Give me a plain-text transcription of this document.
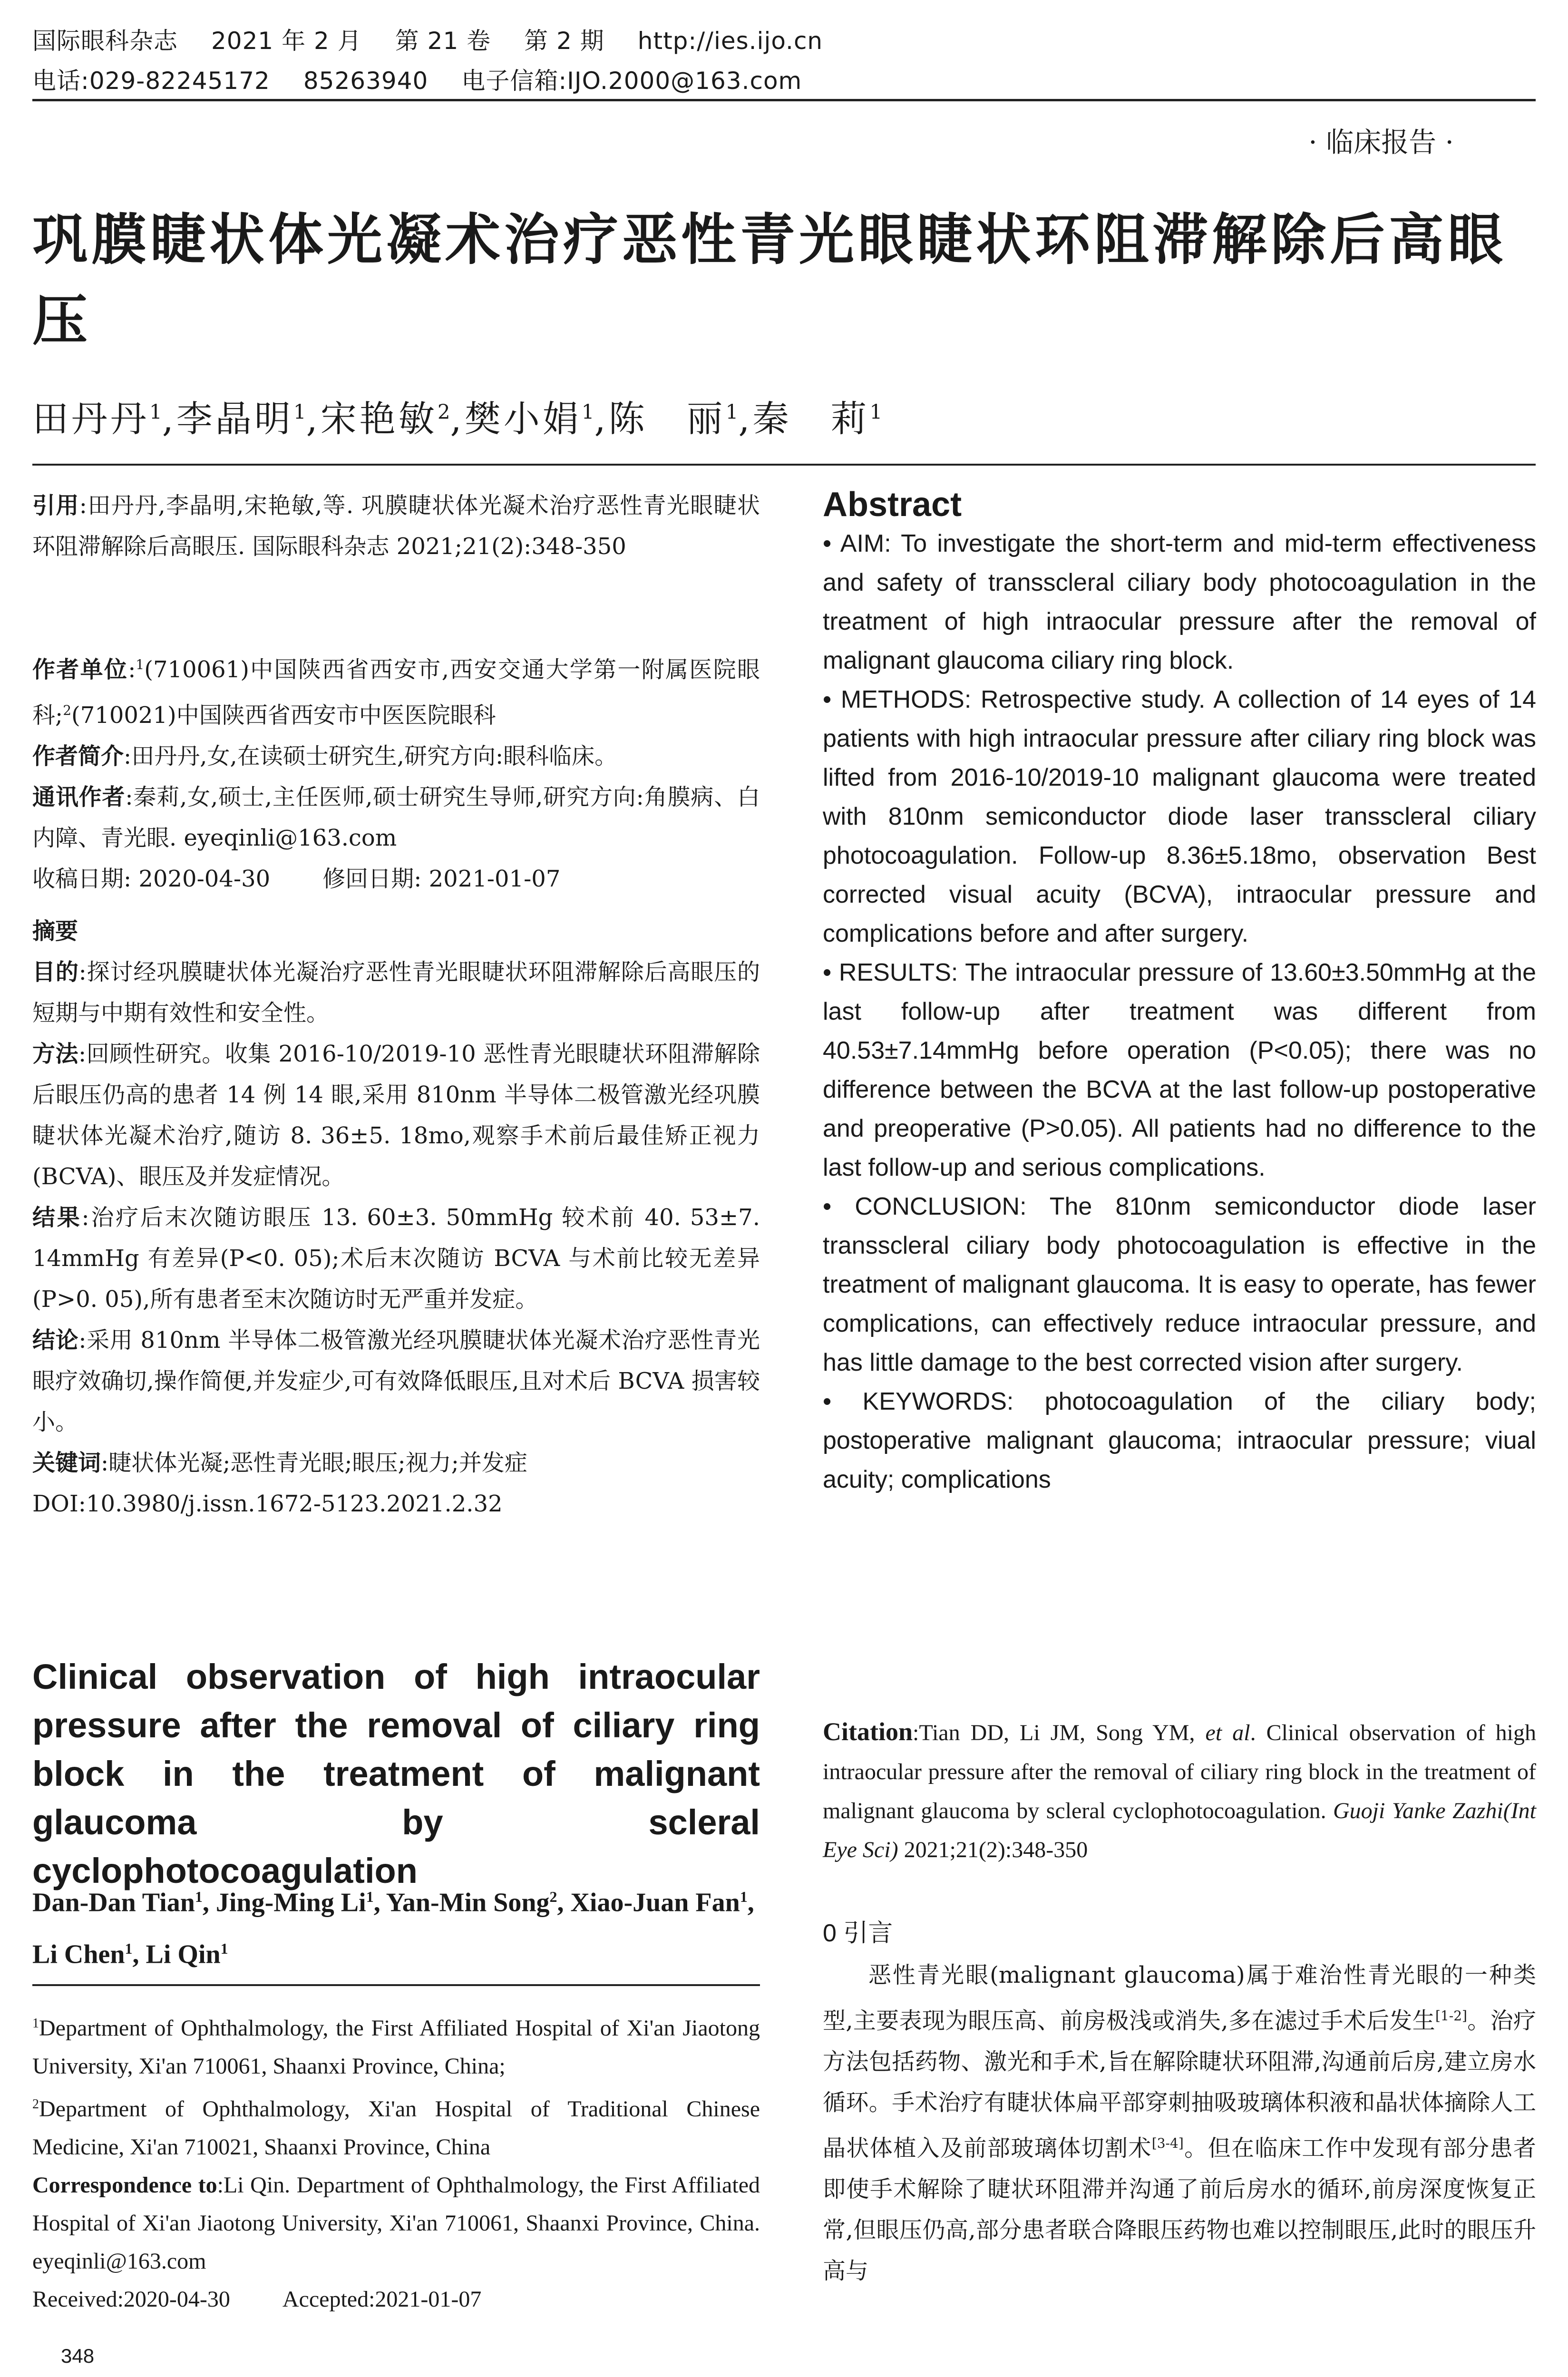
国际眼科杂志 2021 年 2 月 第 21 卷 第 2 期 http://ies.ijo.cn
电话:029-82245172 85263940 电子信箱:IJO.2000@163.com
· 临床报告 ·
巩膜睫状体光凝术治疗恶性青光眼睫状环阻滞解除后高眼压
田丹丹$^1$,李晶明$^1$,宋艳敏$^2$,樊小娟$^1$,陈　丽$^1$,秦　莉$^1$

引用:田丹丹,李晶明,宋艳敏,等. 巩膜睫状体光凝术治疗恶性青光眼睫状环阻滞解除后高眼压. 国际眼科杂志 2021;21(2):348-350

作者单位:$^1$(710061)中国陕西省西安市,西安交通大学第一附属医院眼科;$^2$(710021)中国陕西省西安市中医医院眼科

作者简介:田丹丹,女,在读硕士研究生,研究方向:眼科临床。

通讯作者:秦莉,女,硕士,主任医师,硕士研究生导师,研究方向:角膜病、白内障、青光眼. eyeqinli@163.com

收稿日期: 2020-04-30 修回日期: 2021-01-07

摘要

目的:探讨经巩膜睫状体光凝治疗恶性青光眼睫状环阻滞解除后高眼压的短期与中期有效性和安全性。

方法:回顾性研究。收集 2016-10/2019-10 恶性青光眼睫状环阻滞解除后眼压仍高的患者 14 例 14 眼,采用 810nm 半导体二极管激光经巩膜睫状体光凝术治疗,随访 8. 36±5. 18mo,观察手术前后最佳矫正视力(BCVA)、眼压及并发症情况。

结果:治疗后末次随访眼压 13. 60±3. 50mmHg 较术前 40. 53±7. 14mmHg 有差异(P<0. 05);术后末次随访 BCVA 与术前比较无差异(P>0. 05),所有患者至末次随访时无严重并发症。

结论:采用 810nm 半导体二极管激光经巩膜睫状体光凝术治疗恶性青光眼疗效确切,操作简便,并发症少,可有效降低眼压,且对术后 BCVA 损害较小。

关键词:睫状体光凝;恶性青光眼;眼压;视力;并发症

DOI:10.3980/j.issn.1672-5123.2021.2.32

Clinical observation of high intraocular pressure after the removal of ciliary ring block in the treatment of malignant glaucoma by scleral cyclophotocoagulation
Dan-Dan Tian$^1$, Jing-Ming Li$^1$, Yan-Min Song$^2$, Xiao-Juan Fan$^1$, Li Chen$^1$, Li Qin$^1$

$^1$Department of Ophthalmology, the First Affiliated Hospital of Xi'an Jiaotong University, Xi'an 710061, Shaanxi Province, China;

$^2$Department of Ophthalmology, Xi'an Hospital of Traditional Chinese Medicine, Xi'an 710021, Shaanxi Province, China

Correspondence to:Li Qin. Department of Ophthalmology, the First Affiliated Hospital of Xi'an Jiaotong University, Xi'an 710061, Shaanxi Province, China. eyeqinli@163.com

Received:2020-04-30 Accepted:2021-01-07

Abstract

• AIM: To investigate the short-term and mid-term effectiveness and safety of transscleral ciliary body photocoagulation in the treatment of high intraocular pressure after the removal of malignant glaucoma ciliary ring block.

• METHODS: Retrospective study. A collection of 14 eyes of 14 patients with high intraocular pressure after ciliary ring block was lifted from 2016-10/2019-10 malignant glaucoma were treated with 810nm semiconductor diode laser transscleral ciliary photocoagulation. Follow-up 8.36±5.18mo, observation Best corrected visual acuity (BCVA), intraocular pressure and complications before and after surgery.

• RESULTS: The intraocular pressure of 13.60±3.50mmHg at the last follow-up after treatment was different from 40.53±7.14mmHg before operation (P<0.05); there was no difference between the BCVA at the last follow-up postoperative and preoperative (P>0.05). All patients had no difference to the last follow-up and serious complications.

• CONCLUSION: The 810nm semiconductor diode laser transscleral ciliary body photocoagulation is effective in the treatment of malignant glaucoma. It is easy to operate, has fewer complications, can effectively reduce intraocular pressure, and has little damage to the best corrected vision after surgery.

• KEYWORDS: photocoagulation of the ciliary body; postoperative malignant glaucoma; intraocular pressure; viual acuity; complications

Citation:Tian DD, Li JM, Song YM, et al. Clinical observation of high intraocular pressure after the removal of ciliary ring block in the treatment of malignant glaucoma by scleral cyclophotocoagulation. Guoji Yanke Zazhi(Int Eye Sci) 2021;21(2):348-350
0 引言

恶性青光眼(malignant glaucoma)属于难治性青光眼的一种类型,主要表现为眼压高、前房极浅或消失,多在滤过手术后发生[1-2]。治疗方法包括药物、激光和手术,旨在解除睫状环阻滞,沟通前后房,建立房水循环。手术治疗有睫状体扁平部穿刺抽吸玻璃体积液和晶状体摘除人工晶状体植入及前部玻璃体切割术[3-4]。但在临床工作中发现有部分患者即使手术解除了睫状环阻滞并沟通了前后房水的循环,前房深度恢复正常,但眼压仍高,部分患者联合降眼压药物也难以控制眼压,此时的眼压升高与

348
